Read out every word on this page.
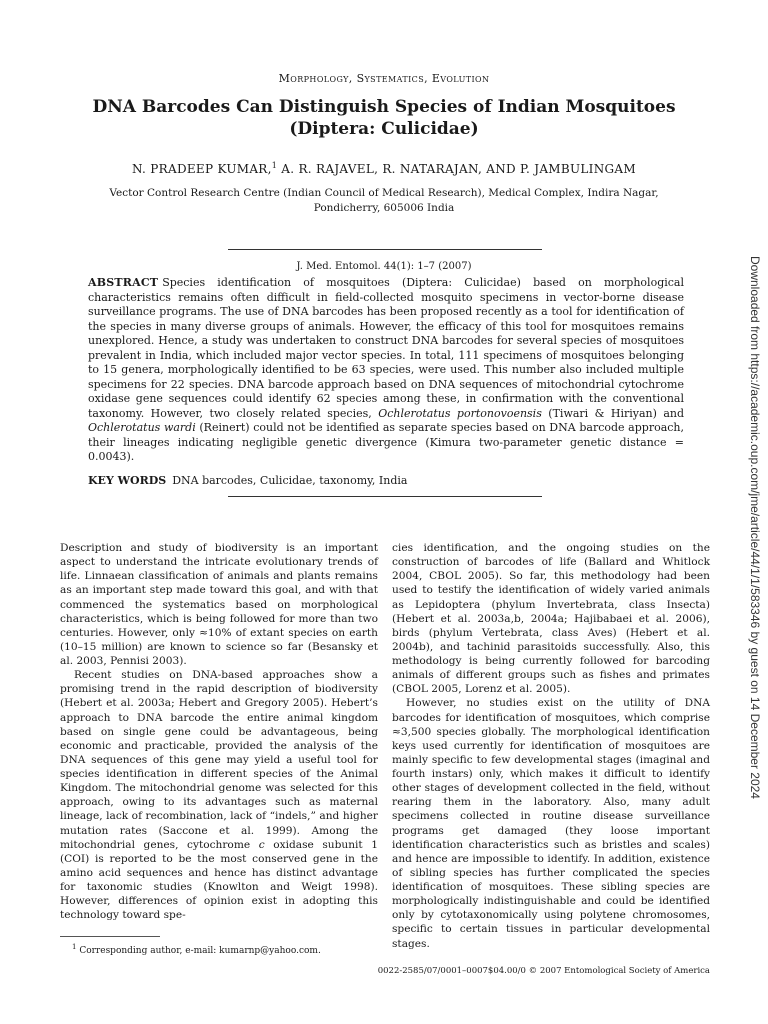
Morphology, Systematics, Evolution
DNA Barcodes Can Distinguish Species of Indian Mosquitoes
(Diptera: Culicidae)
N. PRADEEP KUMAR,$^1$ A. R. RAJAVEL, R. NATARAJAN, AND P. JAMBULINGAM
Vector Control Research Centre (Indian Council of Medical Research), Medical Complex, Indira Nagar,
Pondicherry, 605006 India
J. Med. Entomol. 44(1): 1–7 (2007)

ABSTRACT Species identification of mosquitoes (Diptera: Culicidae) based on morphological characteristics remains often difficult in field-collected mosquito specimens in vector-borne disease surveillance programs. The use of DNA barcodes has been proposed recently as a tool for identification of the species in many diverse groups of animals. However, the efficacy of this tool for mosquitoes remains unexplored. Hence, a study was undertaken to construct DNA barcodes for several species of mosquitoes prevalent in India, which included major vector species. In total, 111 specimens of mosquitoes belonging to 15 genera, morphologically identified to be 63 species, were used. This number also included multiple specimens for 22 species. DNA barcode approach based on DNA sequences of mitochondrial cytochrome oxidase gene sequences could identify 62 species among these, in confirmation with the conventional taxonomy. However, two closely related species, Ochlerotatus portonovoensis (Tiwari & Hiriyan) and Ochlerotatus wardi (Reinert) could not be identified as separate species based on DNA barcode approach, their lineages indicating negligible genetic divergence (Kimura two-parameter genetic distance = 0.0043).

KEY WORDS DNA barcodes, Culicidae, taxonomy, India

Description and study of biodiversity is an important aspect to understand the intricate evolutionary trends of life. Linnaean classification of animals and plants remains as an important step made toward this goal, and with that commenced the systematics based on morphological characteristics, which is being followed for more than two centuries. However, only ≈10% of extant species on earth (10–15 million) are known to science so far (Besansky et al. 2003, Pennisi 2003).

Recent studies on DNA-based approaches show a promising trend in the rapid description of biodiversity (Hebert et al. 2003a; Hebert and Gregory 2005). Hebert’s approach to DNA barcode the entire animal kingdom based on single gene could be advantageous, being economic and practicable, provided the analysis of the DNA sequences of this gene may yield a useful tool for species identification in different species of the Animal Kingdom. The mitochondrial genome was selected for this approach, owing to its advantages such as maternal lineage, lack of recombination, lack of “indels,” and higher mutation rates (Saccone et al. 1999). Among the mitochondrial genes, cytochrome c oxidase subunit 1 (COI) is reported to be the most conserved gene in the amino acid sequences and hence has distinct advantage for taxonomic studies (Knowlton and Weigt 1998). However, differences of opinion exist in adopting this technology toward spe-

cies identification, and the ongoing studies on the construction of barcodes of life (Ballard and Whitlock 2004, CBOL 2005). So far, this methodology had been used to testify the identification of widely varied animals as Lepidoptera (phylum Invertebrata, class Insecta) (Hebert et al. 2003a,b, 2004a; Hajibabaei et al. 2006), birds (phylum Vertebrata, class Aves) (Hebert et al. 2004b), and tachinid parasitoids successfully. Also, this methodology is being currently followed for barcoding animals of different groups such as fishes and primates (CBOL 2005, Lorenz et al. 2005).

However, no studies exist on the utility of DNA barcodes for identification of mosquitoes, which comprise ≈3,500 species globally. The morphological identification keys used currently for identification of mosquitoes are mainly specific to few developmental stages (imaginal and fourth instars) only, which makes it difficult to identify other stages of development collected in the field, without rearing them in the laboratory. Also, many adult specimens collected in routine disease surveillance programs get damaged (they loose important identification characteristics such as bristles and scales) and hence are impossible to identify. In addition, existence of sibling species has further complicated the species identification of mosquitoes. These sibling species are morphologically indistinguishable and could be identified only by cytotaxonomically using polytene chromosomes, specific to certain tissues in particular developmental stages.

$^1$ Corresponding author, e-mail: kumarnp@yahoo.com.
0022-2585/07/0001–0007$04.00/0 © 2007 Entomological Society of America
Downloaded from https://academic.oup.com/jme/article/44/1/1/583346 by guest on 14 December 2024
